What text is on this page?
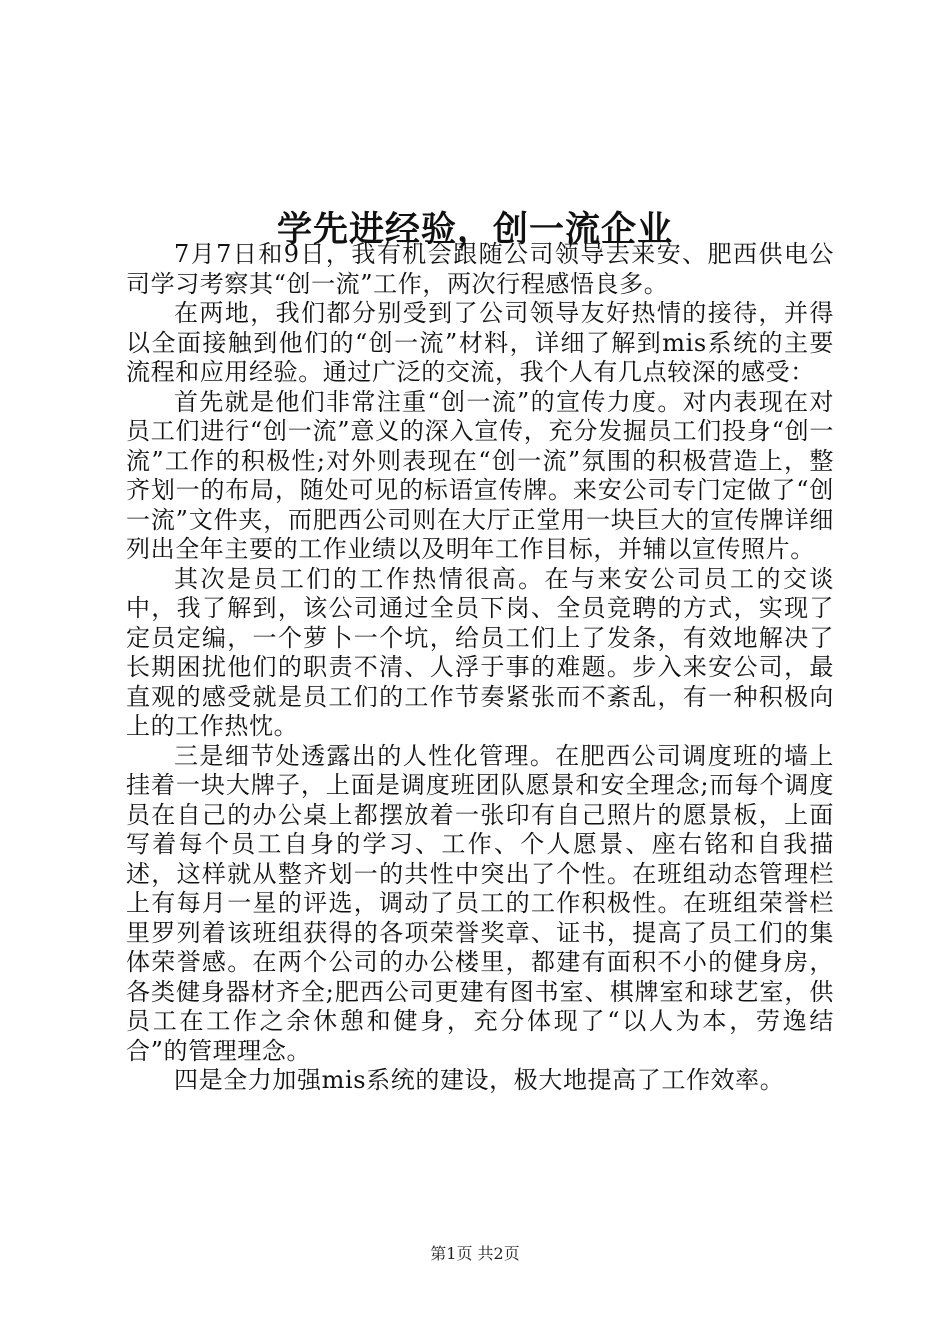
学先进经验，创一流企业

7月7日和9日，我有机会跟随公司领导去来安、肥西供电公司学习考察其“创一流”工作，两次行程感悟良多。

在两地，我们都分别受到了公司领导友好热情的接待，并得以全面接触到他们的“创一流”材料，详细了解到mis系统的主要流程和应用经验。通过广泛的交流，我个人有几点较深的感受：

首先就是他们非常注重“创一流”的宣传力度。对内表现在对员工们进行“创一流”意义的深入宣传，充分发掘员工们投身“创一流”工作的积极性;对外则表现在“创一流”氛围的积极营造上，整齐划一的布局，随处可见的标语宣传牌。来安公司专门定做了“创一流”文件夹，而肥西公司则在大厅正堂用一块巨大的宣传牌详细列出全年主要的工作业绩以及明年工作目标，并辅以宣传照片。

其次是员工们的工作热情很高。在与来安公司员工的交谈中，我了解到，该公司通过全员下岗、全员竞聘的方式，实现了定员定编，一个萝卜一个坑，给员工们上了发条，有效地解决了长期困扰他们的职责不清、人浮于事的难题。步入来安公司，最直观的感受就是员工们的工作节奏紧张而不紊乱，有一种积极向上的工作热忱。

三是细节处透露出的人性化管理。在肥西公司调度班的墙上挂着一块大牌子，上面是调度班团队愿景和安全理念;而每个调度员在自己的办公桌上都摆放着一张印有自己照片的愿景板，上面写着每个员工自身的学习、工作、个人愿景、座右铭和自我描述，这样就从整齐划一的共性中突出了个性。在班组动态管理栏上有每月一星的评选，调动了员工的工作积极性。在班组荣誉栏里罗列着该班组获得的各项荣誉奖章、证书，提高了员工们的集体荣誉感。在两个公司的办公楼里，都建有面积不小的健身房，各类健身器材齐全;肥西公司更建有图书室、棋牌室和球艺室，供员工在工作之余休憩和健身，充分体现了“以人为本，劳逸结合”的管理理念。

四是全力加强mis系统的建设，极大地提高了工作效率。

第1页 共2页
